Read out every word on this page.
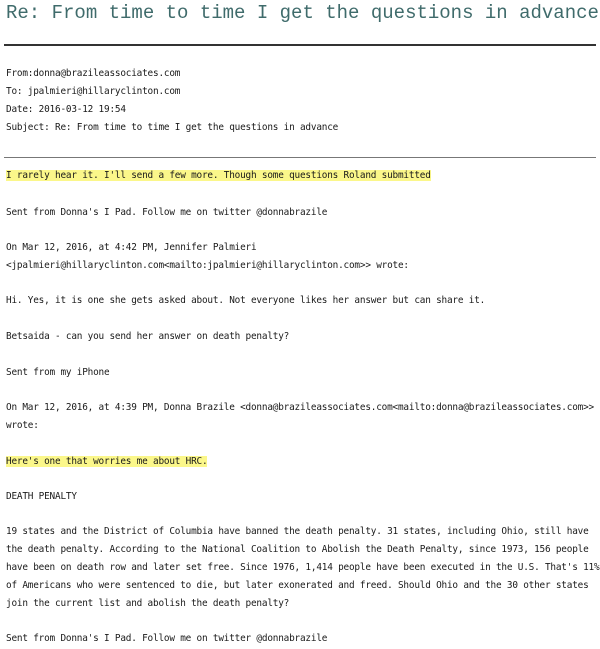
Re: From time to time I get the questions in advance

From:donna@brazileassociates.com

To: jpalmieri@hillaryclinton.com

Date: 2016-03-12 19:54

Subject: Re: From time to time I get the questions in advance

I rarely hear it. I'll send a few more. Though some questions Roland submitted

Sent from Donna's I Pad. Follow me on twitter @donnabrazile

On Mar 12, 2016, at 4:42 PM, Jennifer Palmieri

<jpalmieri@hillaryclinton.com<mailto:jpalmieri@hillaryclinton.com>> wrote:

Hi. Yes, it is one she gets asked about. Not everyone likes her answer but can share it.

Betsaida - can you send her answer on death penalty?

Sent from my iPhone

On Mar 12, 2016, at 4:39 PM, Donna Brazile <donna@brazileassociates.com<mailto:donna@brazileassociates.com>>

wrote:

Here's one that worries me about HRC.

DEATH PENALTY

19 states and the District of Columbia have banned the death penalty. 31 states, including Ohio, still have
the death penalty. According to the National Coalition to Abolish the Death Penalty, since 1973, 156 people
have been on death row and later set free. Since 1976, 1,414 people have been executed in the U.S. That's 11%
of Americans who were sentenced to die, but later exonerated and freed. Should Ohio and the 30 other states
join the current list and abolish the death penalty?

Sent from Donna's I Pad. Follow me on twitter @donnabrazile
